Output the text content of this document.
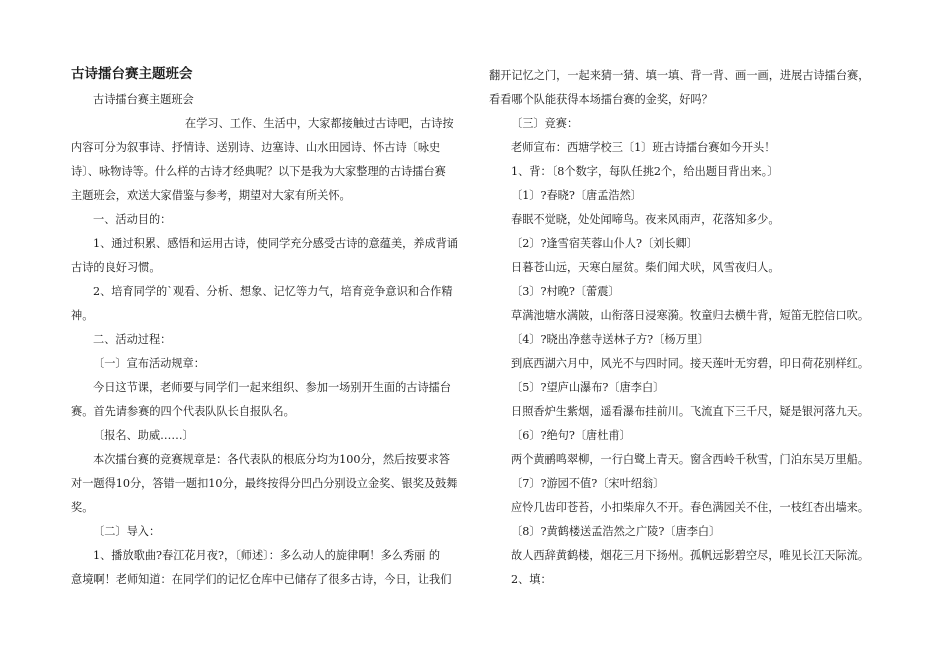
古诗擂台赛主题班会
古诗擂台赛主题班会
在学习、工作、生活中，大家都接触过古诗吧，古诗按
内容可分为叙事诗、抒情诗、送别诗、边塞诗、山水田园诗、怀古诗〔咏史
诗〕、咏物诗等。什么样的古诗才经典呢？以下是我为大家整理的古诗擂台赛
主题班会，欢送大家借鉴与参考，期望对大家有所关怀。
一、活动目的：
1、通过积累、感悟和运用古诗，使同学充分感受古诗的意蕴美，养成背诵
古诗的良好习惯。
2、培育同学的`观看、分析、想象、记忆等力气，培育竞争意识和合作精
神。
二、活动过程：
〔一〕宣布活动规章：
今日这节课，老师要与同学们一起来组织、参加一场别开生面的古诗擂台
赛。首先请参赛的四个代表队队长自报队名。
〔报名、助威……〕
本次擂台赛的竞赛规章是：各代表队的根底分均为100分，然后按要求答
对一题得10分，答错一题扣10分，最终按得分凹凸分别设立金奖、银奖及鼓舞
奖。
〔二〕导入：
1、播放歌曲?春江花月夜?，〔师述〕：多么动人的旋律啊！多么秀丽 的
意境啊！老师知道：在同学们的记忆仓库中已储存了很多古诗，今日，让我们
翻开记忆之门，一起来猜一猜、填一填、背一背、画一画，进展古诗擂台赛，
看看哪个队能获得本场擂台赛的金奖，好吗？
〔三〕竞赛：
老师宣布：西塘学校三〔1〕班古诗擂台赛如今开头！
1、背：〔8个数字，每队任挑2个，给出题目背出来。〕
〔1〕?春晓?〔唐孟浩然〕
春眠不觉晓，处处闻啼鸟。夜来风雨声，花落知多少。
〔2〕?逢雪宿芙蓉山仆人?〔刘长卿〕
日暮苍山远，天寒白屋贫。柴们闻犬吠，风雪夜归人。
〔3〕?村晚?〔蕾震〕
草满池塘水满陂，山衔落日浸寒漪。牧童归去横牛背，短笛无腔信口吹。
〔4〕?晓出净慈寺送林子方?〔杨万里〕
到底西湖六月中，风光不与四时同。接天莲叶无穷碧，印日荷花别样红。
〔5〕?望庐山瀑布?〔唐李白〕
日照香炉生紫烟，遥看瀑布挂前川。飞流直下三千尺，疑是银河落九天。
〔6〕?绝句?〔唐杜甫〕
两个黄鹂鸣翠柳，一行白鹭上青天。窗含西岭千秋雪，门泊东吴万里船。
〔7〕?游园不值?〔宋叶绍翁〕
应怜几齿印苍苔，小扣柴扉久不开。春色满园关不住，一枝红杏出墙来。
〔8〕?黄鹤楼送孟浩然之广陵?〔唐李白〕
故人西辞黄鹤楼，烟花三月下扬州。孤帆远影碧空尽，唯见长江天际流。
2、填：
